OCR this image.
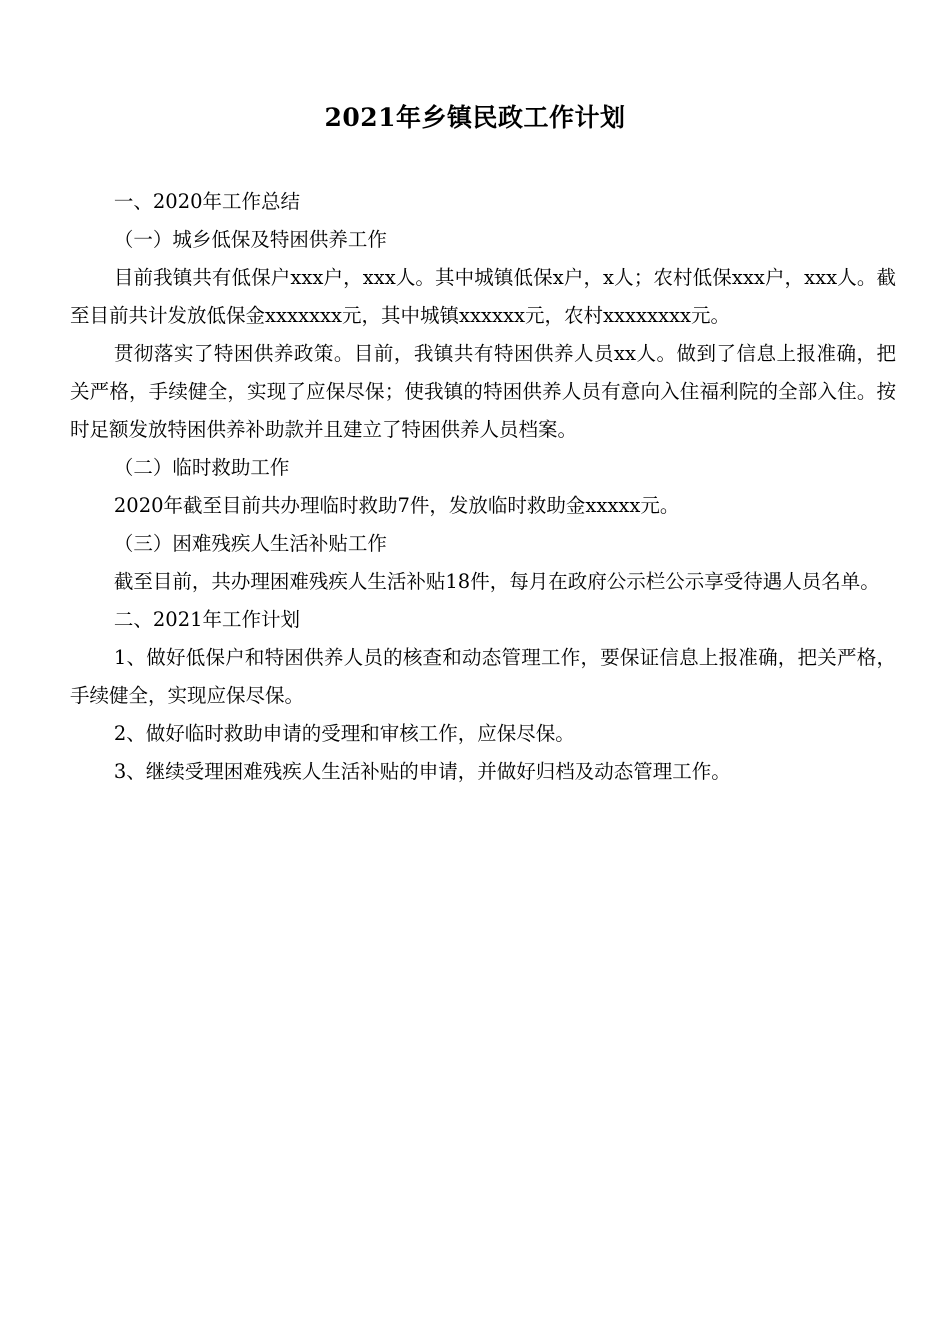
2021年乡镇民政工作计划

一、2020年工作总结

（一）城乡低保及特困供养工作

目前我镇共有低保户xxx户，xxx人。其中城镇低保x户，x人；农村低保xxx户，xxx人。截至目前共计发放低保金xxxxxxx元，其中城镇xxxxxx元，农村xxxxxxxx元。

贯彻落实了特困供养政策。目前，我镇共有特困供养人员xx人。做到了信息上报准确，把关严格，手续健全，实现了应保尽保；使我镇的特困供养人员有意向入住福利院的全部入住。按时足额发放特困供养补助款并且建立了特困供养人员档案。

（二）临时救助工作

2020年截至目前共办理临时救助7件，发放临时救助金xxxxx元。

（三）困难残疾人生活补贴工作

截至目前，共办理困难残疾人生活补贴18件，每月在政府公示栏公示享受待遇人员名单。

二、2021年工作计划

1、做好低保户和特困供养人员的核查和动态管理工作，要保证信息上报准确，把关严格，手续健全，实现应保尽保。

2、做好临时救助申请的受理和审核工作，应保尽保。

3、继续受理困难残疾人生活补贴的申请，并做好归档及动态管理工作。
